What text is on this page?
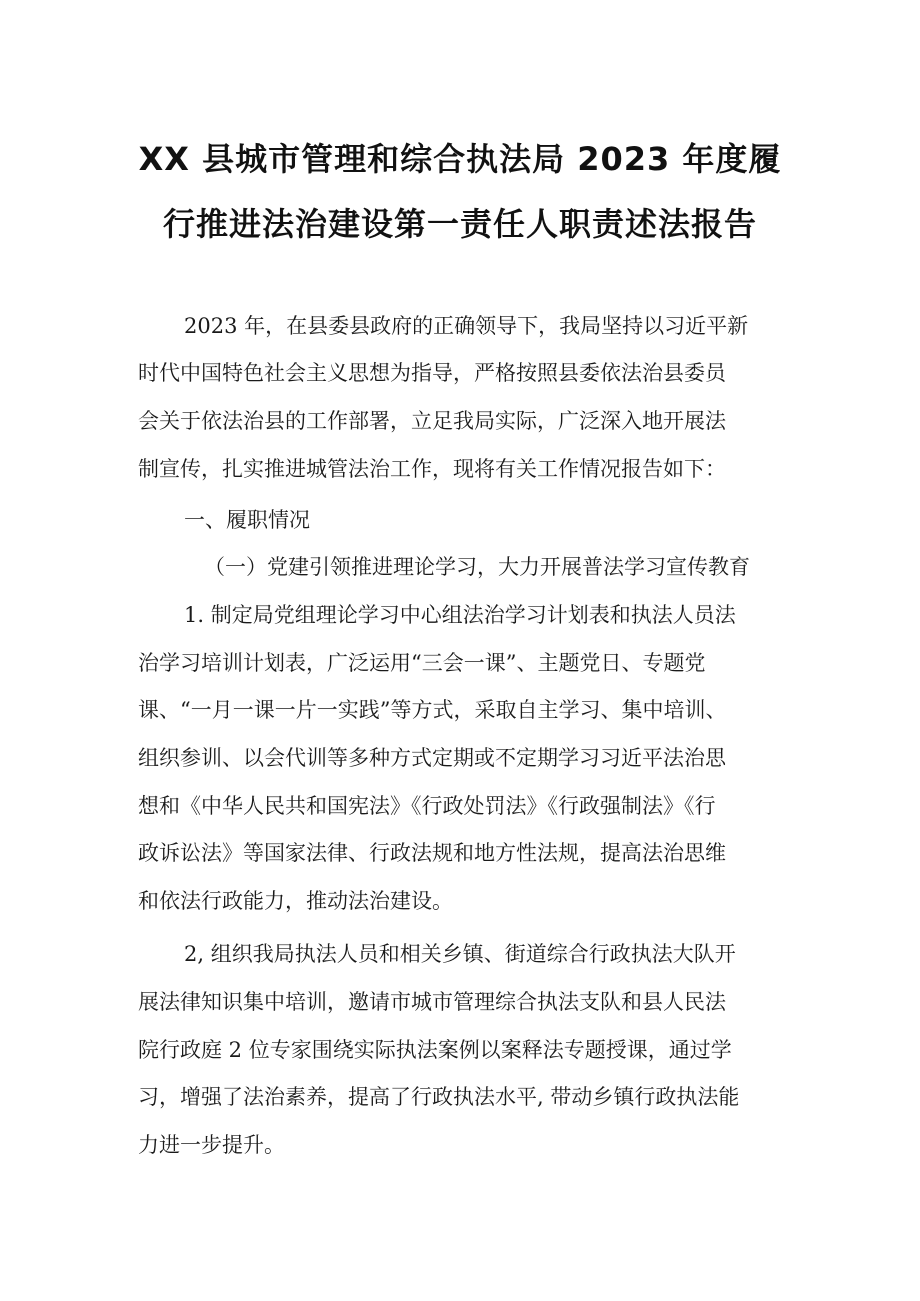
XX 县城市管理和综合执法局 2023 年度履
行推进法治建设第一责任人职责述法报告
2023 年，在县委县政府的正确领导下，我局坚持以习近平新
时代中国特色社会主义思想为指导，严格按照县委依法治县委员
会关于依法治县的工作部署，立足我局实际，广泛深入地开展法
制宣传，扎实推进城管法治工作，现将有关工作情况报告如下：
一、履职情况
（一）党建引领推进理论学习，大力开展普法学习宣传教育
1. 制定局党组理论学习中心组法治学习计划表和执法人员法
治学习培训计划表，广泛运用“三会一课”、主题党日、专题党
课、“一月一课一片一实践”等方式，采取自主学习、集中培训、
组织参训、以会代训等多种方式定期或不定期学习习近平法治思
想和《中华人民共和国宪法》《行政处罚法》《行政强制法》《行
政诉讼法》等国家法律、行政法规和地方性法规，提高法治思维
和依法行政能力，推动法治建设。
2, 组织我局执法人员和相关乡镇、街道综合行政执法大队开
展法律知识集中培训，邀请市城市管理综合执法支队和县人民法
院行政庭 2 位专家围绕实际执法案例以案释法专题授课，通过学
习，增强了法治素养，提高了行政执法水平, 带动乡镇行政执法能
力进一步提升。
